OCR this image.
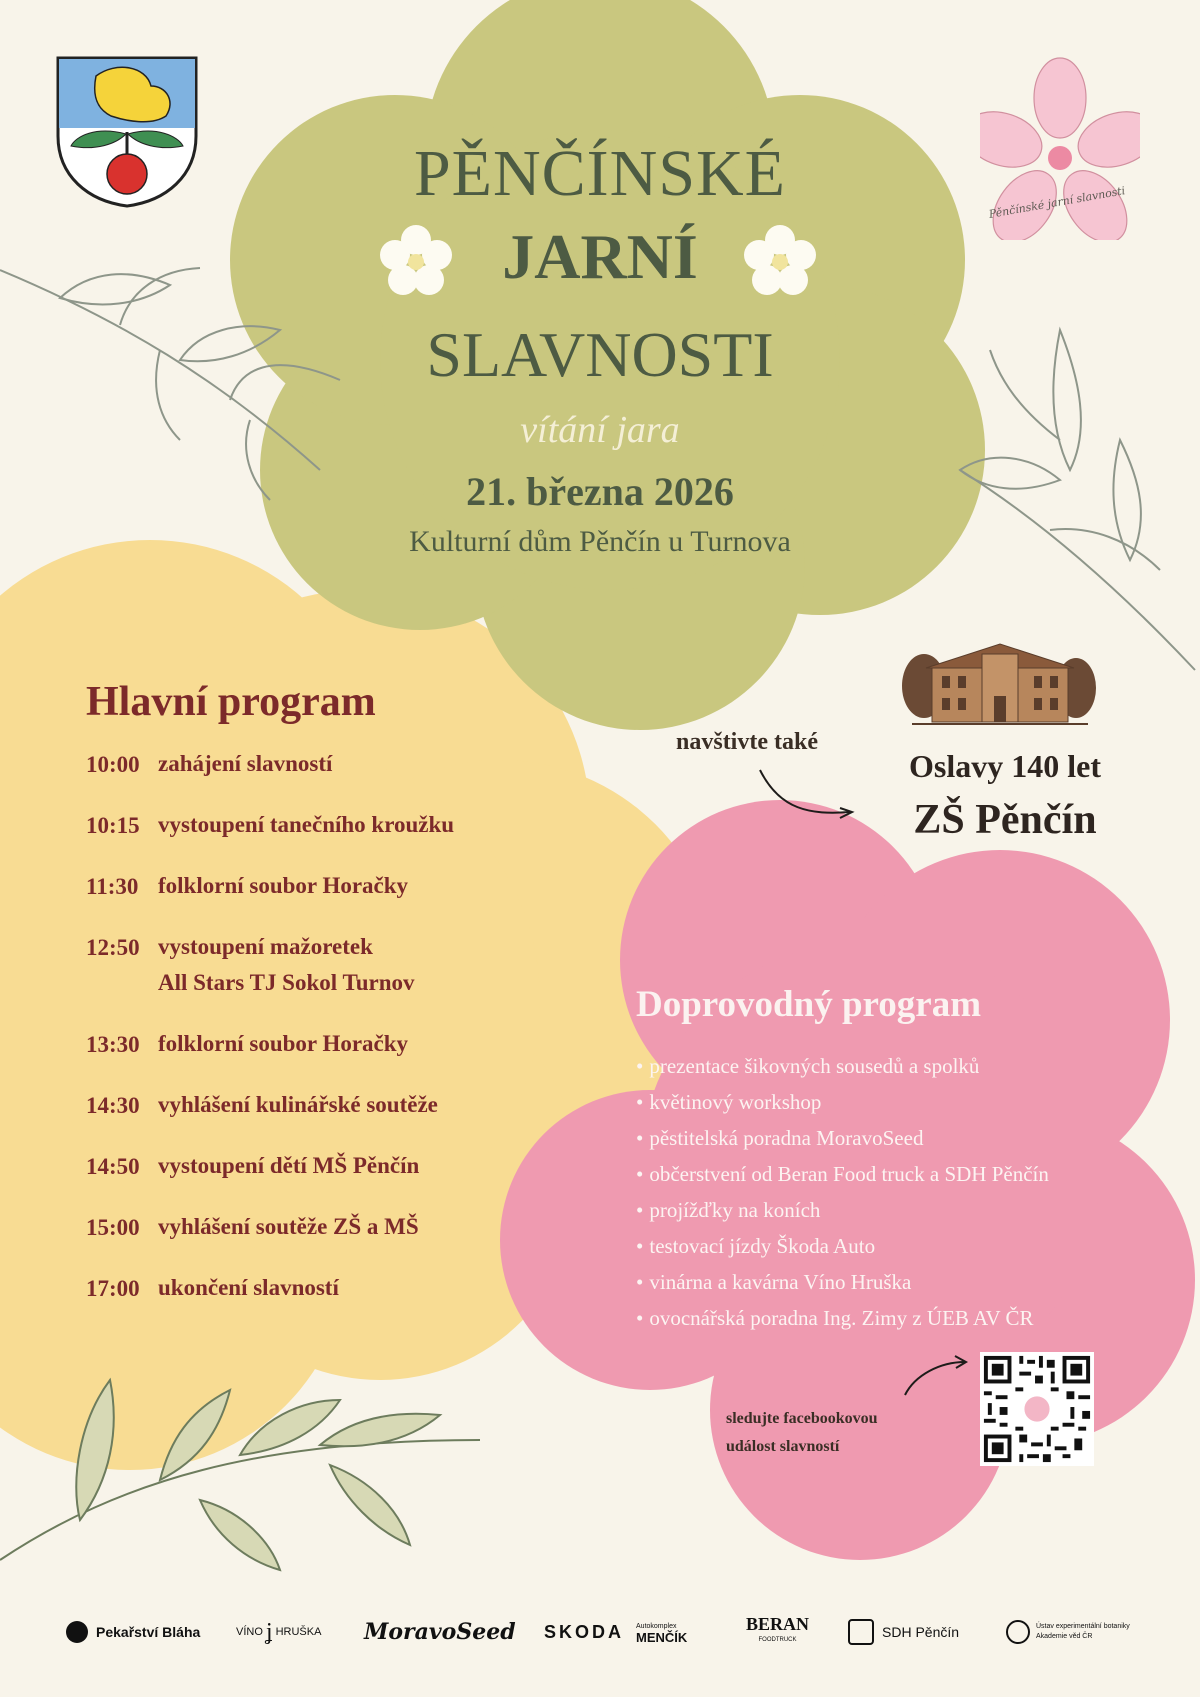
Pěnčínské jarní slavnosti
PĚNČÍNSKÉ
JARNÍ
SLAVNOSTI
vítání jara
21. března 2026
Kulturní dům Pěnčín u Turnova
Hlavní program
10:00 zahájení slavností
10:15 vystoupení tanečního kroužku
11:30 folklorní soubor Horačky
12:50 vystoupení mažoretek
All Stars TJ Sokol Turnov
13:30 folklorní soubor Horačky
14:30 vyhlášení kulinářské soutěže
14:50 vystoupení dětí MŠ Pěnčín
15:00 vyhlášení soutěže ZŠ a MŠ
17:00 ukončení slavností
navštivte také
Oslavy 140 let
ZŠ Pěnčín
Doprovodný program
• prezentace šikovných sousedů a spolků
• květinový workshop
• pěstitelská poradna MoravoSeed
• občerstvení od Beran Food truck a SDH Pěnčín
• projížďky na koních
• testovací jízdy Škoda Auto
• vinárna a kavárna Víno Hruška
• ovocnářská poradna Ing. Zimy z ÚEB AV ČR
sledujte facebookovou událost slavností
Pekařství Bláha	VÍNO ʝ HRUŠKA MoravoSeed SKODA Autokomplex
MENČÍK
BERAN
FOODTRUCK	SDH Pěnčín	Ústav experimentální botaniky
Akademie věd ČR
